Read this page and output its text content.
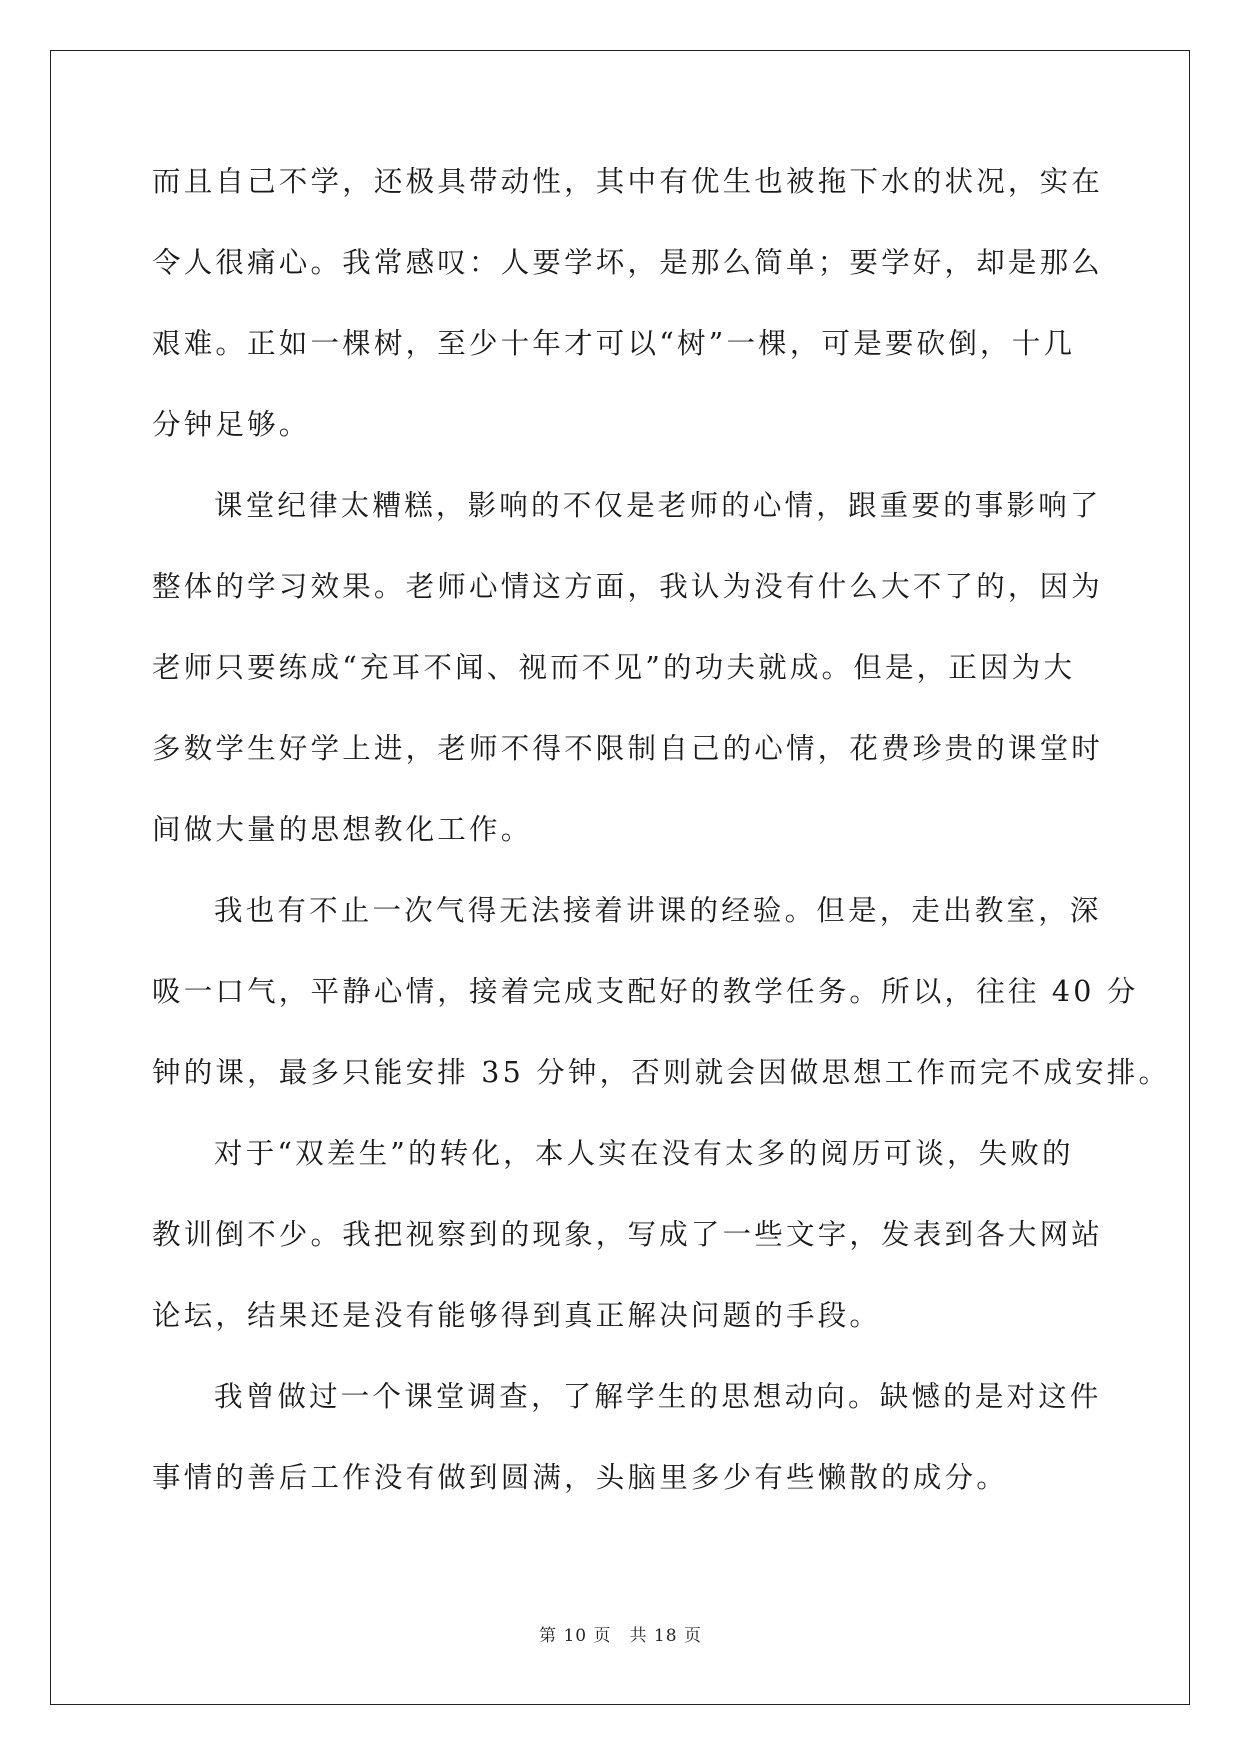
而且自己不学，还极具带动性，其中有优生也被拖下水的状况，实在
令人很痛心。我常感叹：人要学坏，是那么简单；要学好，却是那么
艰难。正如一棵树，至少十年才可以“树”一棵，可是要砍倒，十几
分钟足够。
课堂纪律太糟糕，影响的不仅是老师的心情，跟重要的事影响了
整体的学习效果。老师心情这方面，我认为没有什么大不了的，因为
老师只要练成“充耳不闻、视而不见”的功夫就成。但是，正因为大
多数学生好学上进，老师不得不限制自己的心情，花费珍贵的课堂时
间做大量的思想教化工作。
我也有不止一次气得无法接着讲课的经验。但是，走出教室，深
吸一口气，平静心情，接着完成支配好的教学任务。所以，往往 40 分
钟的课，最多只能安排 35 分钟，否则就会因做思想工作而完不成安排。
对于“双差生”的转化，本人实在没有太多的阅历可谈，失败的
教训倒不少。我把视察到的现象，写成了一些文字，发表到各大网站
论坛，结果还是没有能够得到真正解决问题的手段。
我曾做过一个课堂调查，了解学生的思想动向。缺憾的是对这件
事情的善后工作没有做到圆满，头脑里多少有些懒散的成分。
第 10 页 共 18 页
